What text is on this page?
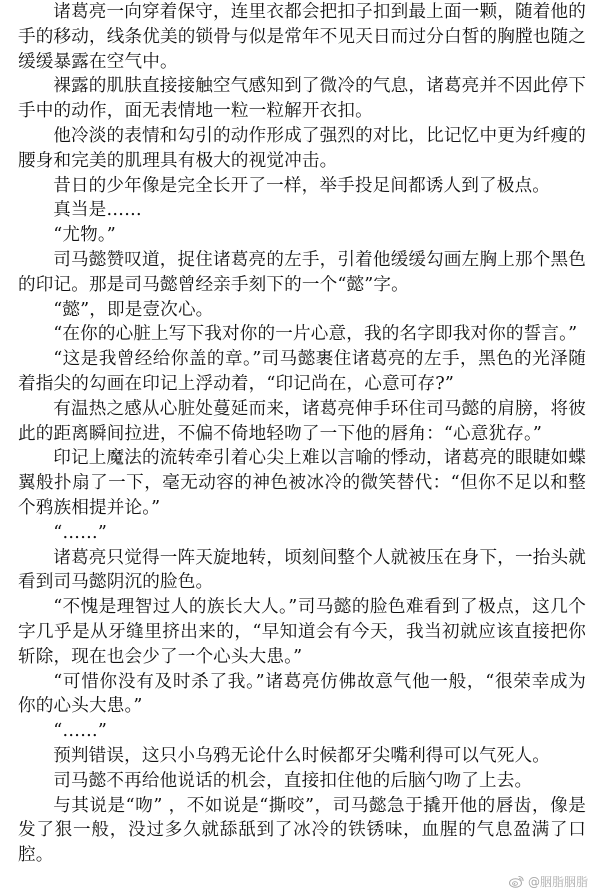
诸葛亮一向穿着保守，连里衣都会把扣子扣到最上面一颗，随着他的手的移动，线条优美的锁骨与似是常年不见天日而过分白皙的胸膛也随之缓缓暴露在空气中。

裸露的肌肤直接接触空气感知到了微冷的气息，诸葛亮并不因此停下手中的动作，面无表情地一粒一粒解开衣扣。

他冷淡的表情和勾引的动作形成了强烈的对比，比记忆中更为纤瘦的腰身和完美的肌理具有极大的视觉冲击。

昔日的少年像是完全长开了一样，举手投足间都诱人到了极点。

真当是……

“尤物。”

司马懿赞叹道，捉住诸葛亮的左手，引着他缓缓勾画左胸上那个黑色的印记。那是司马懿曾经亲手刻下的一个“懿”字。

“懿”，即是壹次心。

“在你的心脏上写下我对你的一片心意，我的名字即我对你的誓言。”

“这是我曾经给你盖的章。”司马懿裹住诸葛亮的左手，黑色的光泽随着指尖的勾画在印记上浮动着，“印记尚在，心意可存?”

有温热之感从心脏处蔓延而来，诸葛亮伸手环住司马懿的肩膀，将彼此的距离瞬间拉进，不偏不倚地轻吻了一下他的唇角：“心意犹存。”

印记上魔法的流转牵引着心尖上难以言喻的悸动，诸葛亮的眼睫如蝶翼般扑扇了一下，毫无动容的神色被冰冷的微笑替代：“但你不足以和整个鸦族相提并论。”

“……”

诸葛亮只觉得一阵天旋地转，顷刻间整个人就被压在身下，一抬头就看到司马懿阴沉的脸色。

“不愧是理智过人的族长大人。”司马懿的脸色难看到了极点，这几个字几乎是从牙缝里挤出来的，“早知道会有今天，我当初就应该直接把你斩除，现在也会少了一个心头大患。”

“可惜你没有及时杀了我。”诸葛亮仿佛故意气他一般，“很荣幸成为你的心头大患。”

“……”

预判错误，这只小乌鸦无论什么时候都牙尖嘴利得可以气死人。

司马懿不再给他说话的机会，直接扣住他的后脑勺吻了上去。

与其说是“吻” ，不如说是“撕咬”，司马懿急于撬开他的唇齿，像是发了狠一般，没过多久就舔舐到了冰冷的铁锈味，血腥的气息盈满了口腔。

@胭脂胭脂
